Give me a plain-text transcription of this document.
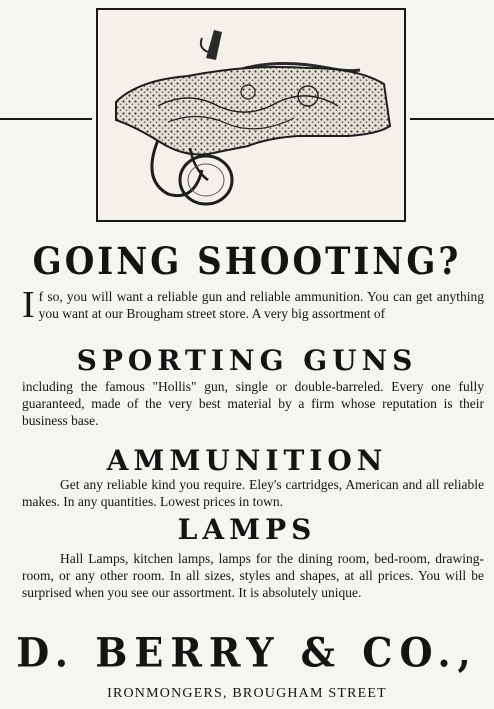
GOING SHOOTING?
If so, you will want a reliable gun and reliable ammunition. You can get anything you want at our Brougham street store. A very big assortment of
SPORTING GUNS
including the famous "Hollis" gun, single or double-barreled. Every one fully guaranteed, made of the very best material by a firm whose reputation is their business base.
AMMUNITION
Get any reliable kind you require. Eley's cartridges, American and all reliable makes. In any quantities. Lowest prices in town.
LAMPS
Hall Lamps, kitchen lamps, lamps for the dining room, bed-room, drawing-room, or any other room. In all sizes, styles and shapes, at all prices. You will be surprised when you see our assortment. It is absolutely unique.
D. BERRY & CO.,
IRONMONGERS, BROUGHAM STREET
